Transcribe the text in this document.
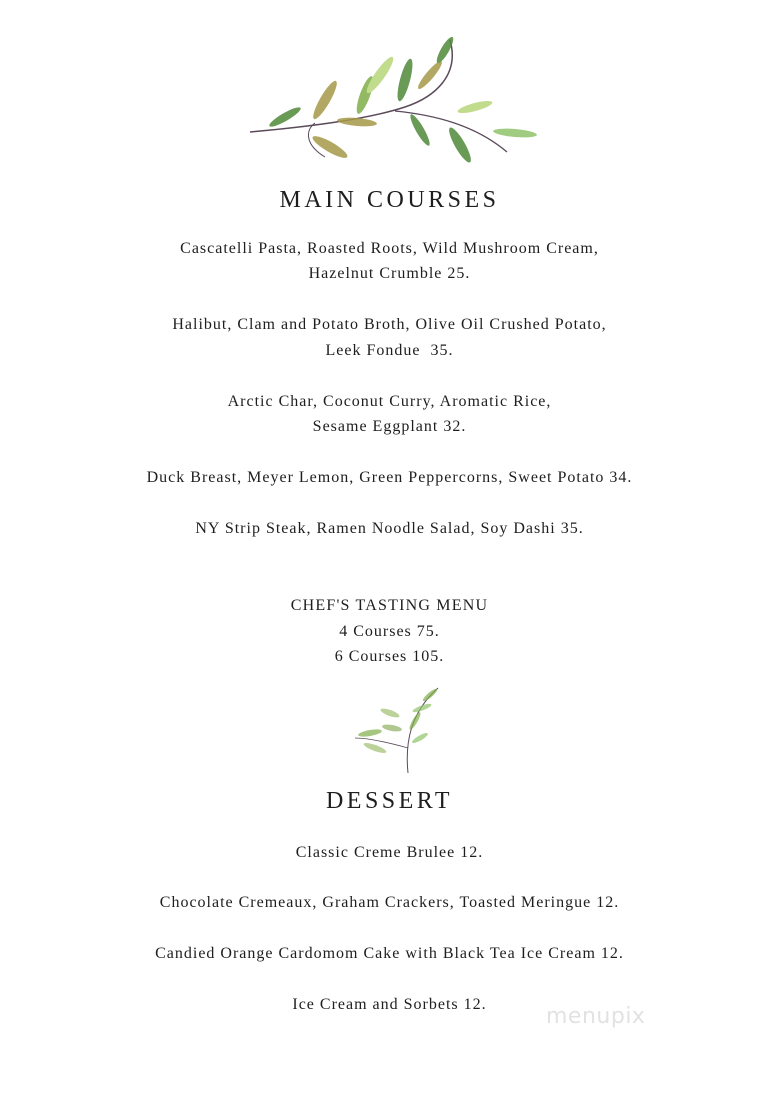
MAIN COURSES
Cascatelli Pasta, Roasted Roots, Wild Mushroom Cream,
Hazelnut Crumble 25.
Halibut, Clam and Potato Broth, Olive Oil Crushed Potato,
Leek Fondue  35.
Arctic Char, Coconut Curry, Aromatic Rice,
Sesame Eggplant 32.
Duck Breast, Meyer Lemon, Green Peppercorns, Sweet Potato 34.
NY Strip Steak, Ramen Noodle Salad, Soy Dashi 35.
CHEF'S TASTING MENU
4 Courses 75.
6 Courses 105.
DESSERT
Classic Creme Brulee 12.
Chocolate Cremeaux, Graham Crackers, Toasted Meringue 12.
Candied Orange Cardomom Cake with Black Tea Ice Cream 12.
Ice Cream and Sorbets 12.	menupix
